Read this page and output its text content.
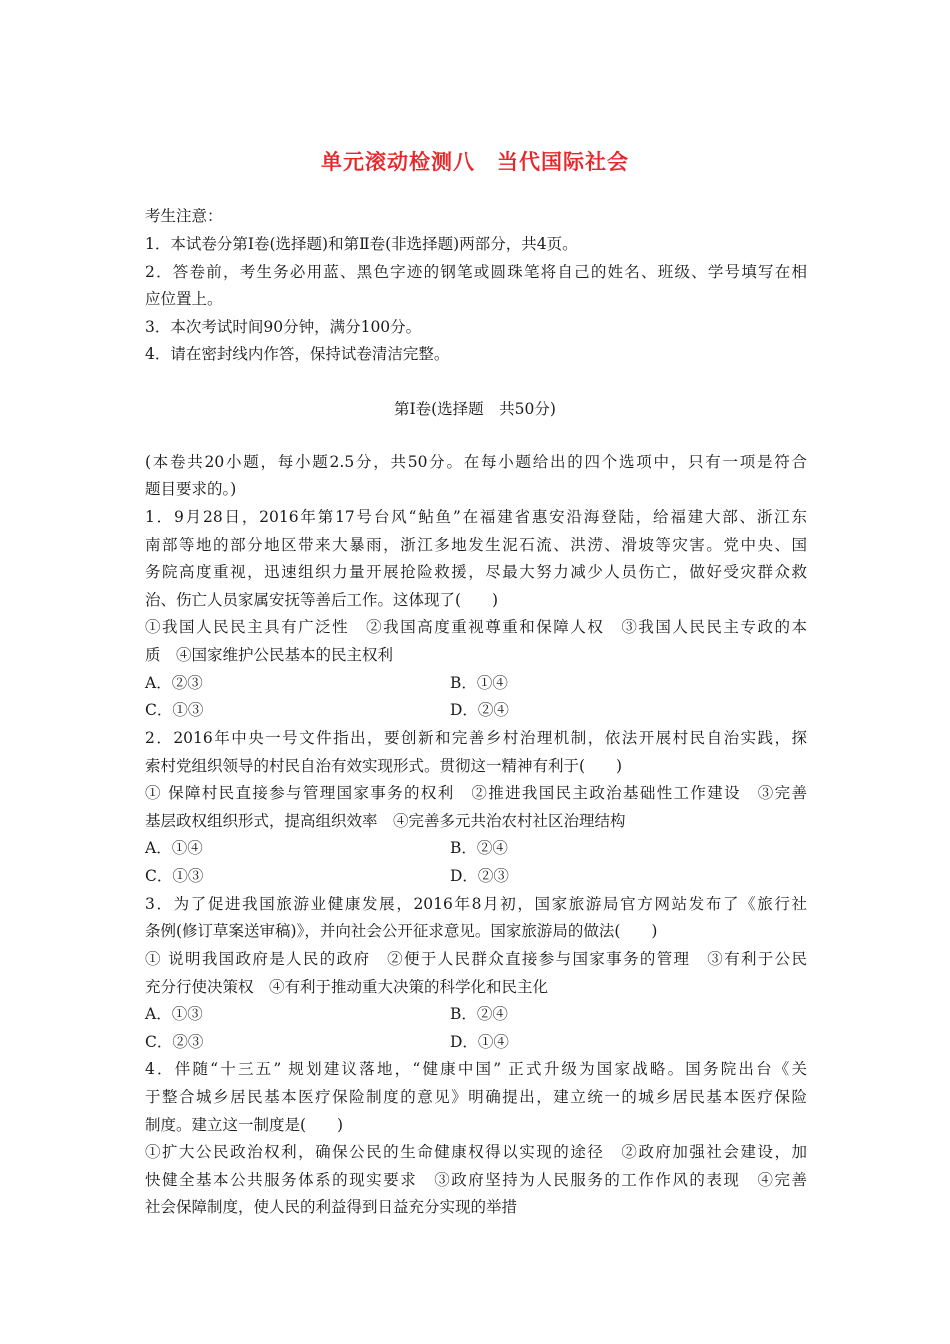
单元滚动检测八　当代国际社会
考生注意：
1．本试卷分第Ⅰ卷(选择题)和第Ⅱ卷(非选择题)两部分，共4页。
2．答卷前，考生务必用蓝、黑色字迹的钢笔或圆珠笔将自己的姓名、班级、学号填写在相
应位置上。
3．本次考试时间90分钟，满分100分。
4．请在密封线内作答，保持试卷清洁完整。
第Ⅰ卷(选择题　共50分)
(本卷共20小题，每小题2.5分，共50分。在每小题给出的四个选项中，只有一项是符合
题目要求的。)
1．9月28日，2016年第17号台风“鲇鱼”在福建省惠安沿海登陆，给福建大部、浙江东
南部等地的部分地区带来大暴雨，浙江多地发生泥石流、洪涝、滑坡等灾害。党中央、国
务院高度重视，迅速组织力量开展抢险救援，尽最大努力减少人员伤亡，做好受灾群众救
治、伤亡人员家属安抚等善后工作。这体现了(　　)
①我国人民民主具有广泛性　②我国高度重视尊重和保障人权　③我国人民民主专政的本
质　④国家维护公民基本的民主权利
A．②③	B．①④
C．①③	D．②④
2．2016年中央一号文件指出，要创新和完善乡村治理机制，依法开展村民自治实践，探
索村党组织领导的村民自治有效实现形式。贯彻这一精神有利于(　　)
① 保障村民直接参与管理国家事务的权利　②推进我国民主政治基础性工作建设　③完善
基层政权组织形式，提高组织效率　④完善多元共治农村社区治理结构
A．①④	B．②④
C．①③	D．②③
3．为了促进我国旅游业健康发展，2016年8月初，国家旅游局官方网站发布了《旅行社
条例(修订草案送审稿)》，并向社会公开征求意见。国家旅游局的做法(　　)
① 说明我国政府是人民的政府　②便于人民群众直接参与国家事务的管理　③有利于公民
充分行使决策权　④有利于推动重大决策的科学化和民主化
A．①③	B．②④
C．②③	D．①④
4．伴随“十三五” 规划建议落地，“健康中国” 正式升级为国家战略。国务院出台《关
于整合城乡居民基本医疗保险制度的意见》明确提出，建立统一的城乡居民基本医疗保险
制度。建立这一制度是(　　)
①扩大公民政治权利，确保公民的生命健康权得以实现的途径　②政府加强社会建设，加
快健全基本公共服务体系的现实要求　③政府坚持为人民服务的工作作风的表现　④完善
社会保障制度，使人民的利益得到日益充分实现的举措
